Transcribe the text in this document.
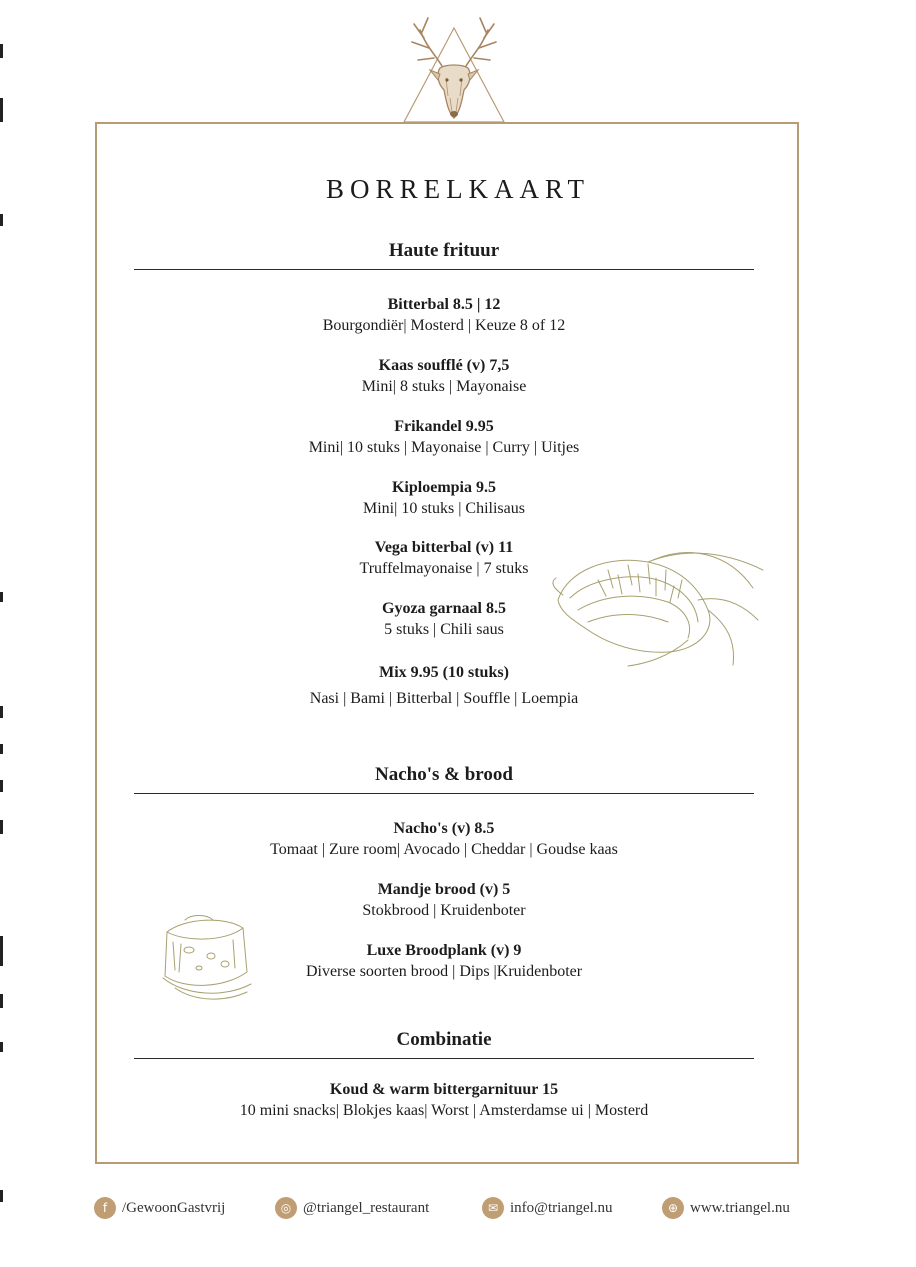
BORRELKAART
Haute frituur
Bitterbal 8.5 | 12
Bourgondiër| Mosterd | Keuze 8 of 12
Kaas soufflé (v) 7,5
Mini| 8 stuks | Mayonaise
Frikandel 9.95
Mini| 10 stuks | Mayonaise | Curry | Uitjes
Kiploempia 9.5
Mini| 10 stuks | Chilisaus
Vega bitterbal (v) 11
Truffelmayonaise | 7 stuks
Gyoza garnaal 8.5
5 stuks | Chili saus
Mix 9.95 (10 stuks)
Nasi | Bami | Bitterbal | Souffle | Loempia
Nacho's & brood
Nacho's (v) 8.5
Tomaat | Zure room| Avocado | Cheddar | Goudse kaas
Mandje brood (v) 5
Stokbrood | Kruidenboter
Luxe Broodplank (v) 9
Diverse soorten brood | Dips |Kruidenboter
Combinatie
Koud & warm bittergarnituur 15
10 mini snacks| Blokjes kaas| Worst | Amsterdamse ui | Mosterd
f /GewoonGastvrij	◎ @triangel_restaurant	✉ info@triangel.nu	⊕ www.triangel.nu
